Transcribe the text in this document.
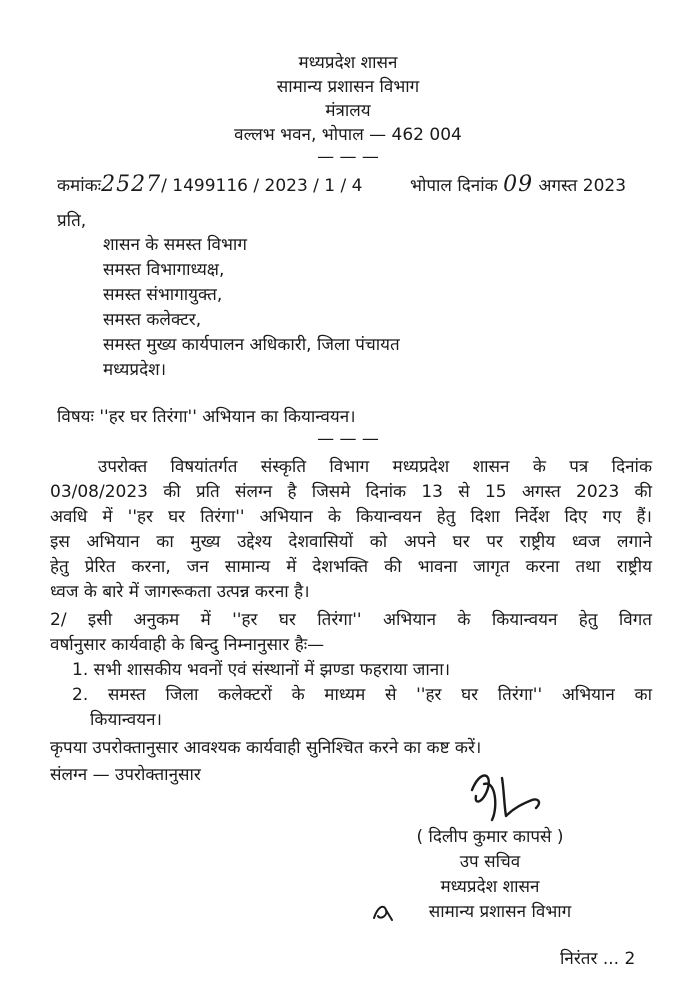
मध्यप्रदेश शासन
सामान्य प्रशासन विभाग
मंत्रालय
वल्लभ भवन, भोपाल — 462 004
— — —
कमांकः2527/ 1499116 / 2023 / 1 / 4	भोपाल दिनांक 09 अगस्त 2023
प्रति,
शासन के समस्त विभाग
समस्त विभागाध्यक्ष,
समस्त संभागायुक्त,
समस्त कलेक्टर,
समस्त मुख्य कार्यपालन अधिकारी, जिला पंचायत
मध्यप्रदेश।
विषयः ''हर घर तिरंगा'' अभियान का कियान्वयन।
— — —
उपरोक्त विषयांतर्गत संस्कृति विभाग मध्यप्रदेश शासन के पत्र दिनांक
03/08/2023 की प्रति संलग्न है जिसमे दिनांक 13 से 15 अगस्त 2023 की
अवधि में ''हर घर तिरंगा'' अभियान के कियान्वयन हेतु दिशा निर्देश दिए गए हैं।
इस अभियान का मुख्य उद्देश्य देशवासियों को अपने घर पर राष्ट्रीय ध्वज लगाने
हेतु प्रेरित करना, जन सामान्य में देशभक्ति की भावना जागृत करना तथा राष्ट्रीय
ध्वज के बारे में जागरूकता उत्पन्न करना है।
2/ इसी अनुकम में ''हर घर तिरंगा'' अभियान के कियान्वयन हेतु विगत
वर्षानुसार कार्यवाही के बिन्दु निम्नानुसार हैः—
1. सभी शासकीय भवनों एवं संस्थानों में झण्डा फहराया जाना।
2. समस्त जिला कलेक्टरों के माध्यम से ''हर घर तिरंगा'' अभियान का
कियान्वयन।
कृपया उपरोक्तानुसार आवश्यक कार्यवाही सुनिश्चित करने का कष्ट करें।
संलग्न — उपरोक्तानुसार
( दिलीप कुमार कापसे )
उप सचिव
मध्यप्रदेश शासन
सामान्य प्रशासन विभाग
निरंतर ... 2
